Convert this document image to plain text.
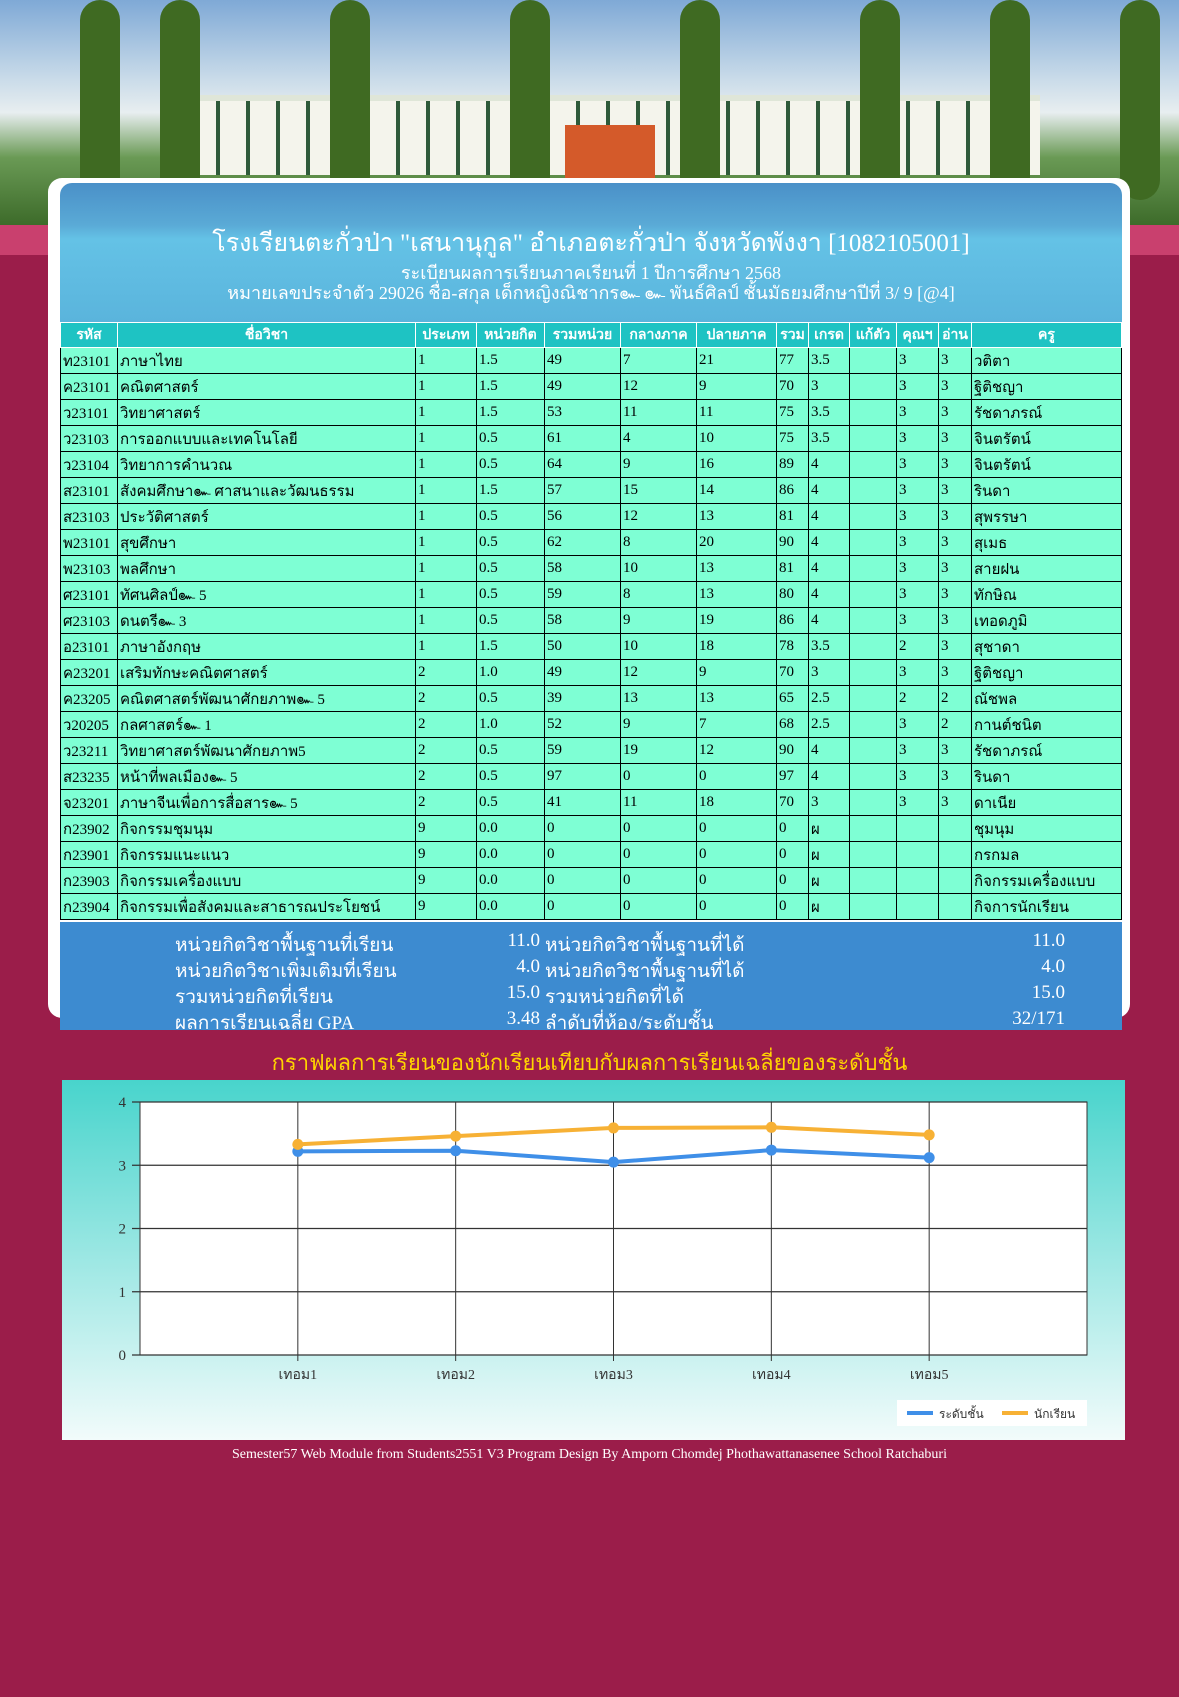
โรงเรียนตะกั่วป่า "เสนานุกูล" อำเภอตะกั่วป่า จังหวัดพังงา [1082105001]
ระเบียนผลการเรียนภาคเรียนที่ 1 ปีการศึกษา 2568
หมายเลขประจำตัว 29026 ชื่อ-สกุล เด็กหญิงณิชากร๛ ๛ พันธ์ศิลป์ ชั้นมัธยมศึกษาปีที่ 3/ 9 [@4]
รหัส	ชื่อวิชา	ประเภท	หน่วยกิต	รวมหน่วย	กลางภาค	ปลายภาค	รวม	เกรด	แก้ตัว	คุณฯ	อ่าน	ครู
ท23101	ภาษาไทย	1	1.5	49	7	21	77	3.5		3	3	วติตา
ค23101	คณิตศาสตร์	1	1.5	49	12	9	70	3		3	3	ฐิติชญา
ว23101	วิทยาศาสตร์	1	1.5	53	11	11	75	3.5		3	3	รัชดาภรณ์
ว23103	การออกแบบและเทคโนโลยี	1	0.5	61	4	10	75	3.5		3	3	จินตรัตน์
ว23104	วิทยาการคำนวณ	1	0.5	64	9	16	89	4		3	3	จินตรัตน์
ส23101	สังคมศึกษา๛ ศาสนาและวัฒนธรรม	1	1.5	57	15	14	86	4		3	3	รินดา
ส23103	ประวัติศาสตร์	1	0.5	56	12	13	81	4		3	3	สุพรรษา
พ23101	สุขศึกษา	1	0.5	62	8	20	90	4		3	3	สุเมธ
พ23103	พลศึกษา	1	0.5	58	10	13	81	4		3	3	สายฝน
ศ23101	ทัศนศิลป์๛ 5	1	0.5	59	8	13	80	4		3	3	ทักษิณ
ศ23103	ดนตรี๛ 3	1	0.5	58	9	19	86	4		3	3	เทอดภูมิ
อ23101	ภาษาอังกฤษ	1	1.5	50	10	18	78	3.5		2	3	สุชาดา
ค23201	เสริมทักษะคณิตศาสตร์	2	1.0	49	12	9	70	3		3	3	ฐิติชญา
ค23205	คณิตศาสตร์พัฒนาศักยภาพ๛ 5	2	0.5	39	13	13	65	2.5		2	2	ณัชพล
ว20205	กลศาสตร์๛ 1	2	1.0	52	9	7	68	2.5		3	2	กานต์ชนิต
ว23211	วิทยาศาสตร์พัฒนาศักยภาพ5	2	0.5	59	19	12	90	4		3	3	รัชดาภรณ์
ส23235	หน้าที่พลเมือง๛ 5	2	0.5	97	0	0	97	4		3	3	รินดา
จ23201	ภาษาจีนเพื่อการสื่อสาร๛ 5	2	0.5	41	11	18	70	3		3	3	ดาเนีย
ก23902	กิจกรรมชุมนุม	9	0.0	0	0	0	0	ผ				ชุมนุม
ก23901	กิจกรรมแนะแนว	9	0.0	0	0	0	0	ผ				กรกมล
ก23903	กิจกรรมเครื่องแบบ	9	0.0	0	0	0	0	ผ				กิจกรรมเครื่องแบบ
ก23904	กิจกรรมเพื่อสังคมและสาธารณประโยชน์	9	0.0	0	0	0	0	ผ				กิจการนักเรียน
หน่วยกิตวิชาพื้นฐานที่เรียน	11.0 หน่วยกิตวิชาพื้นฐานที่ได้	11.0
หน่วยกิตวิชาเพิ่มเติมที่เรียน	4.0 หน่วยกิตวิชาพื้นฐานที่ได้	4.0
รวมหน่วยกิตที่เรียน	15.0 รวมหน่วยกิตที่ได้	15.0
ผลการเรียนเฉลี่ย GPA	3.48 ลำดับที่ห้อง/ระดับชั้น	32/171
กราฟผลการเรียนของนักเรียนเทียบกับผลการเรียนเฉลี่ยของระดับชั้น
0
1
2
3
4
เทอม1	เทอม2	เทอม3	เทอม4	เทอม5
ระดับชั้น	นักเรียน
Semester57 Web Module from Students2551 V3 Program Design By Amporn Chomdej Phothawattanasenee School Ratchaburi
